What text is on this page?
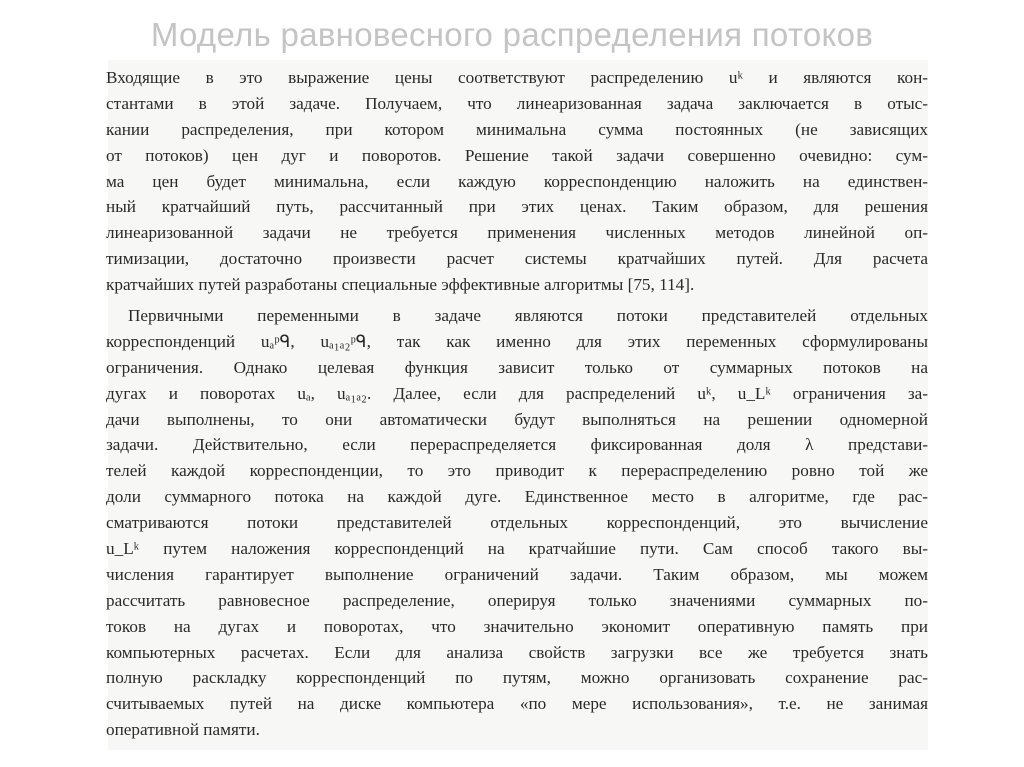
Модель равновесного распределения потоков
Входящие в это выражение цены соответствуют распределению uᵏ и являются кон-
стантами в этой задаче. Получаем, что линеаризованная задача заключается в отыс-
кании распределения, при котором минимальна сумма постоянных (не зависящих
от потоков) цен дуг и поворотов. Решение такой задачи совершенно очевидно: сум-
ма цен будет минимальна, если каждую корреспонденцию наложить на единствен-
ный кратчайший путь, рассчитанный при этих ценах. Таким образом, для решения
линеаризованной задачи не требуется применения численных методов линейной оп-
тимизации, достаточно произвести расчет системы кратчайших путей. Для расчета
кратчайших путей разработаны специальные эффективные алгоритмы [75, 114].
Первичными переменными в задаче являются потоки представителей отдельных
корреспонденций uₐᵖᑫ, uₐ₁ₐ₂ᵖᑫ, так как именно для этих переменных сформулированы
ограничения. Однако целевая функция зависит только от суммарных потоков на
дугах и поворотах uₐ, uₐ₁ₐ₂. Далее, если для распределений uᵏ, u_Lᵏ ограничения за-
дачи выполнены, то они автоматически будут выполняться на решении одномерной
задачи. Действительно, если перераспределяется фиксированная доля λ представи-
телей каждой корреспонденции, то это приводит к перераспределению ровно той же
доли суммарного потока на каждой дуге. Единственное место в алгоритме, где рас-
сматриваются потоки представителей отдельных корреспонденций, это вычисление
u_Lᵏ путем наложения корреспонденций на кратчайшие пути. Сам способ такого вы-
числения гарантирует выполнение ограничений задачи. Таким образом, мы можем
рассчитать равновесное распределение, оперируя только значениями суммарных по-
токов на дугах и поворотах, что значительно экономит оперативную память при
компьютерных расчетах. Если для анализа свойств загрузки все же требуется знать
полную раскладку корреспонденций по путям, можно организовать сохранение рас-
считываемых путей на диске компьютера «по мере использования», т.е. не занимая
оперативной памяти.
